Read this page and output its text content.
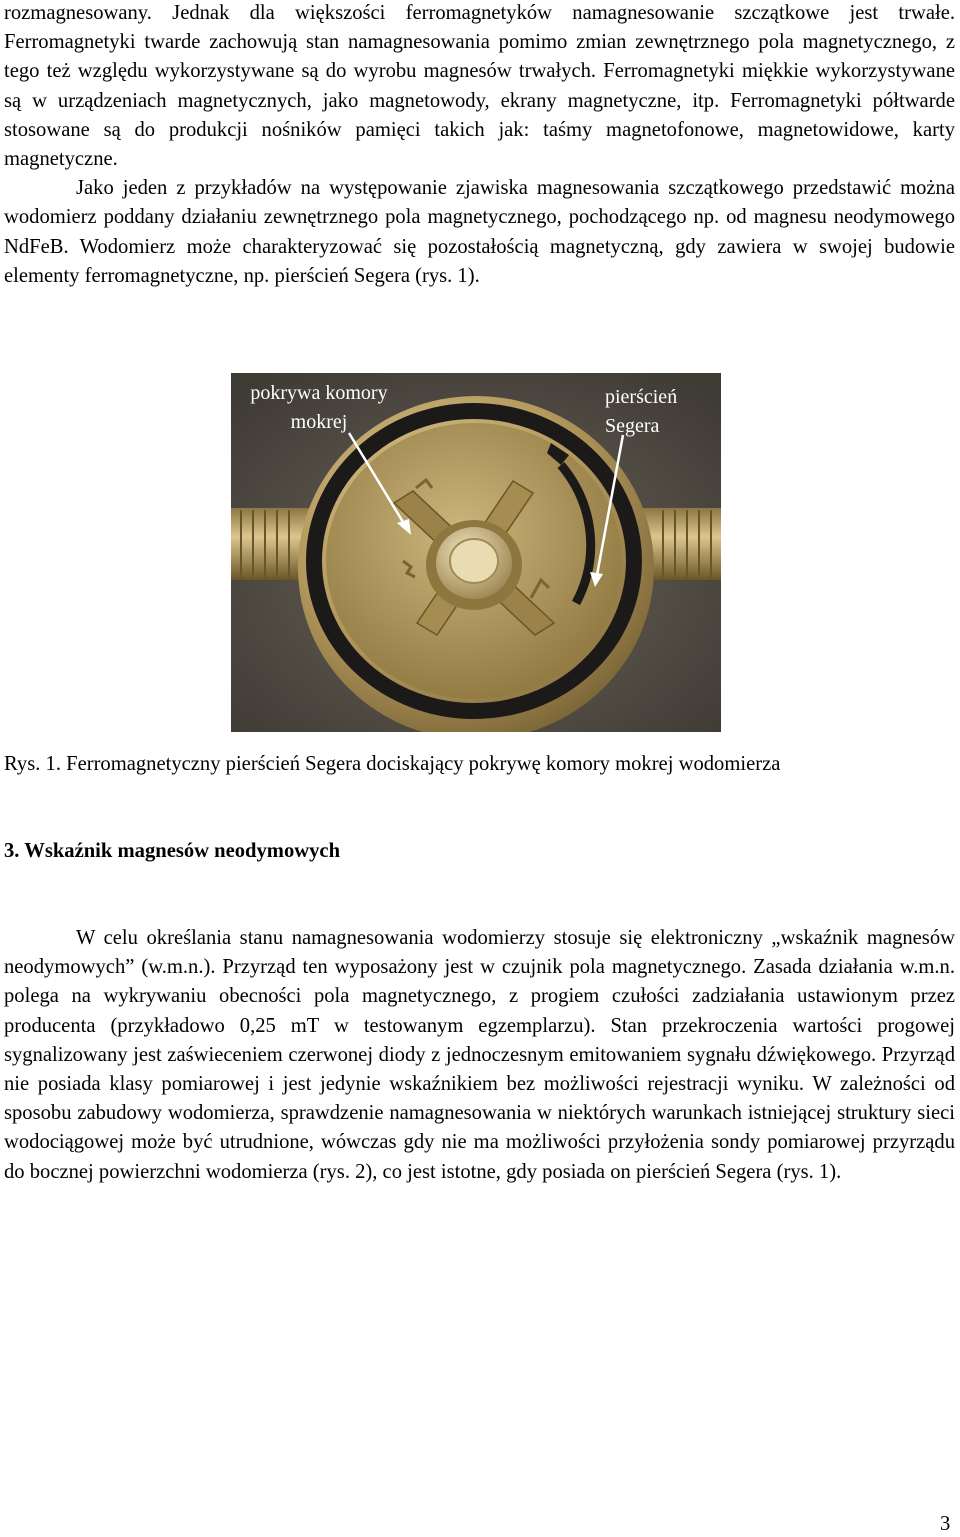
rozmagnesowany. Jednak dla większości ferromagnetyków namagnesowanie szczątkowe jest trwałe. Ferromagnetyki twarde zachowują stan namagnesowania pomimo zmian zewnętrznego pola magnetycznego, z tego też względu wykorzystywane są do wyrobu magnesów trwałych. Ferromagnetyki miękkie wykorzystywane są w urządzeniach magnetycznych, jako magnetowody, ekrany magnetyczne, itp. Ferromagnetyki półtwarde stosowane są do produkcji nośników pamięci takich jak: taśmy magnetofonowe, magnetowidowe, karty magnetyczne.

Jako jeden z przykładów na występowanie zjawiska magnesowania szczątkowego przedstawić można wodomierz poddany działaniu zewnętrznego pola magnetycznego, pochodzącego np. od magnesu neodymowego NdFeB. Wodomierz może charakteryzować się pozostałością magnetyczną, gdy zawiera w swojej budowie elementy ferromagnetyczne, np. pierścień Segera (rys. 1).

pokrywa komory mokrej
pierścień Segera
Rys. 1. Ferromagnetyczny pierścień Segera dociskający pokrywę komory mokrej wodomierza
3. Wskaźnik magnesów neodymowych

W celu określania stanu namagnesowania wodomierzy stosuje się elektroniczny „wskaźnik magnesów neodymowych” (w.m.n.). Przyrząd ten wyposażony jest w czujnik pola magnetycznego. Zasada działania w.m.n. polega na wykrywaniu obecności pola magnetycznego, z progiem czułości zadziałania ustawionym przez producenta (przykładowo 0,25 mT w testowanym egzemplarzu). Stan przekroczenia wartości progowej sygnalizowany jest zaświeceniem czerwonej diody z jednoczesnym emitowaniem sygnału dźwiękowego. Przyrząd nie posiada klasy pomiarowej i jest jedynie wskaźnikiem bez możliwości rejestracji wyniku. W zależności od sposobu zabudowy wodomierza, sprawdzenie namagnesowania w niektórych warunkach istniejącej struktury sieci wodociągowej może być utrudnione, wówczas gdy nie ma możliwości przyłożenia sondy pomiarowej przyrządu do bocznej powierzchni wodomierza (rys. 2), co jest istotne, gdy posiada on pierścień Segera (rys. 1).

3
